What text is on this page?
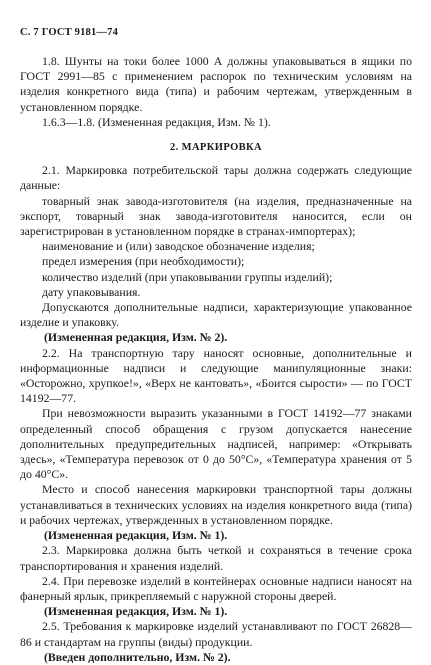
С. 7 ГОСТ 9181—74

1.8. Шунты на токи более 1000 А должны упаковываться в ящики по ГОСТ 2991—85 с применением распорок по техническим условиям на изделия конкретного вида (типа) и рабочим чертежам, утвержденным в установленном порядке.

1.6.3—1.8. (Измененная редакция, Изм. № 1).

2. МАРКИРОВКА

2.1. Маркировка потребительской тары должна содержать следующие данные:

товарный знак завода-изготовителя (на изделия, предназначенные на экспорт, товарный знак завода-изготовителя наносится, если он зарегистрирован в установленном порядке в странах-импортерах);

наименование и (или) заводское обозначение изделия;

предел измерения (при необходимости);

количество изделий (при упаковывании группы изделий);

дату упаковывания.

Допускаются дополнительные надписи, характеризующие упакованное изделие и упаковку.

(Измененная редакция, Изм. № 2).

2.2. На транспортную тару наносят основные, дополнительные и информационные надписи и следующие манипуляционные знаки: «Осторожно, хрупкое!», «Верх не кантовать», «Боится сырости» — по ГОСТ 14192—77.

При невозможности выразить указанными в ГОСТ 14192—77 знаками определенный способ обращения с грузом допускается нанесение дополнительных предупредительных надписей, например: «Открывать здесь», «Температура перевозок от 0 до 50°С», «Температура хранения от 5 до 40°С».

Место и способ нанесения маркировки транспортной тары должны устанавливаться в технических условиях на изделия конкретного вида (типа) и рабочих чертежах, утвержденных в установленном порядке.

(Измененная редакция, Изм. № 1).

2.3. Маркировка должна быть четкой и сохраняться в течение срока транспортирования и хранения изделий.

2.4. При перевозке изделий в контейнерах основные надписи наносят на фанерный ярлык, прикрепляемый с наружной стороны дверей.

(Измененная редакция, Изм. № 1).

2.5. Требования к маркировке изделий устанавливают по ГОСТ 26828—86 и стандартам на группы (виды) продукции.

(Введен дополнительно, Изм. № 2).
